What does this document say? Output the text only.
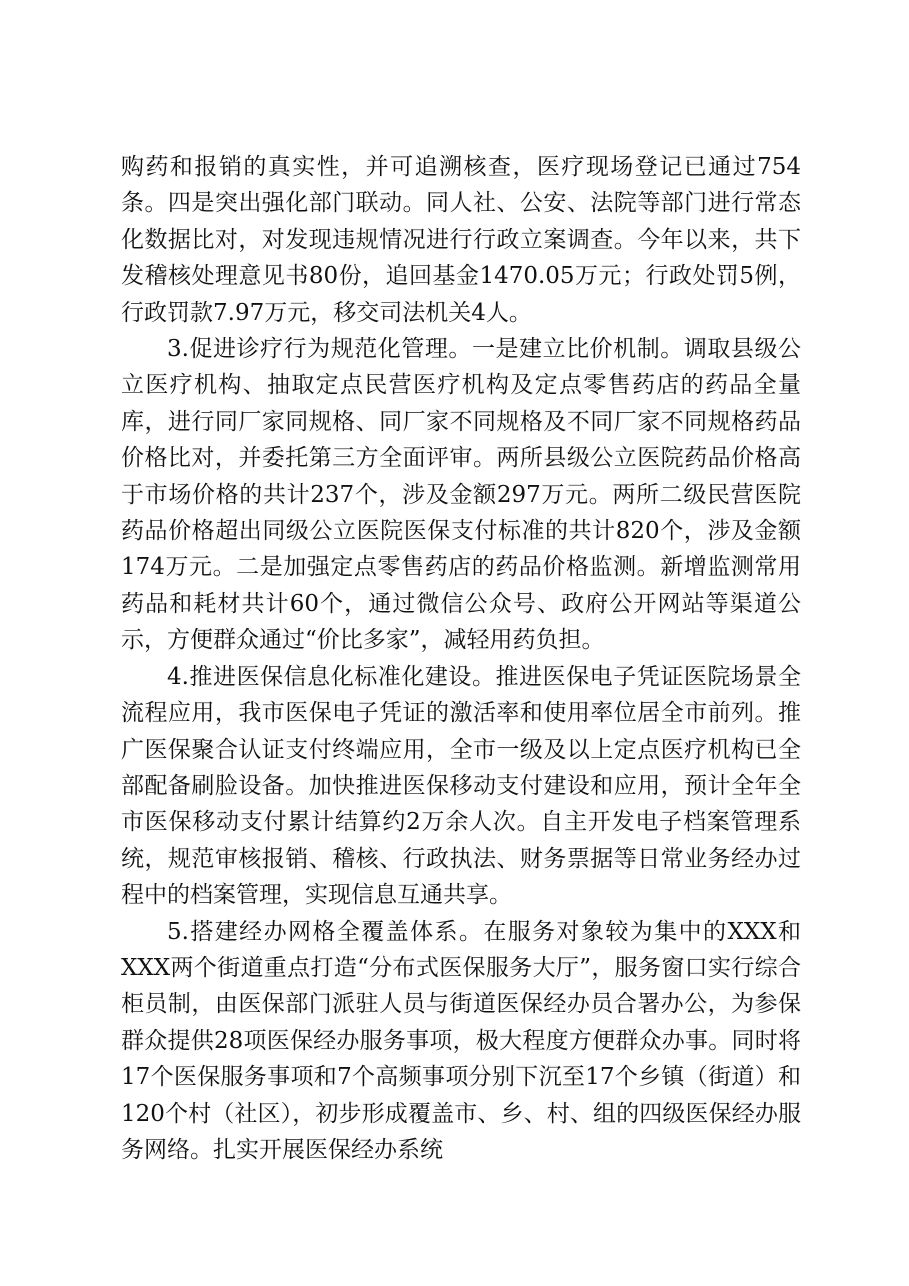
购药和报销的真实性，并可追溯核查，医疗现场登记已通过754条。四是突出强化部门联动。同人社、公安、法院等部门进行常态化数据比对，对发现违规情况进行行政立案调查。今年以来，共下发稽核处理意见书80份，追回基金1470.05万元；行政处罚5例，行政罚款7.97万元，移交司法机关4人。

3.促进诊疗行为规范化管理。一是建立比价机制。调取县级公立医疗机构、抽取定点民营医疗机构及定点零售药店的药品全量库，进行同厂家同规格、同厂家不同规格及不同厂家不同规格药品价格比对，并委托第三方全面评审。两所县级公立医院药品价格高于市场价格的共计237个，涉及金额297万元。两所二级民营医院药品价格超出同级公立医院医保支付标准的共计820个，涉及金额174万元。二是加强定点零售药店的药品价格监测。新增监测常用药品和耗材共计60个，通过微信公众号、政府公开网站等渠道公示，方便群众通过“价比多家”，减轻用药负担。

4.推进医保信息化标准化建设。推进医保电子凭证医院场景全流程应用，我市医保电子凭证的激活率和使用率位居全市前列。推广医保聚合认证支付终端应用，全市一级及以上定点医疗机构已全部配备刷脸设备。加快推进医保移动支付建设和应用，预计全年全市医保移动支付累计结算约2万余人次。自主开发电子档案管理系统，规范审核报销、稽核、行政执法、财务票据等日常业务经办过程中的档案管理，实现信息互通共享。

5.搭建经办网格全覆盖体系。在服务对象较为集中的XXX和XXX两个街道重点打造“分布式医保服务大厅”，服务窗口实行综合柜员制，由医保部门派驻人员与街道医保经办员合署办公，为参保群众提供28项医保经办服务事项，极大程度方便群众办事。同时将17个医保服务事项和7个高频事项分别下沉至17个乡镇（街道）和120个村（社区），初步形成覆盖市、乡、村、组的四级医保经办服务网络。扎实开展医保经办系统
